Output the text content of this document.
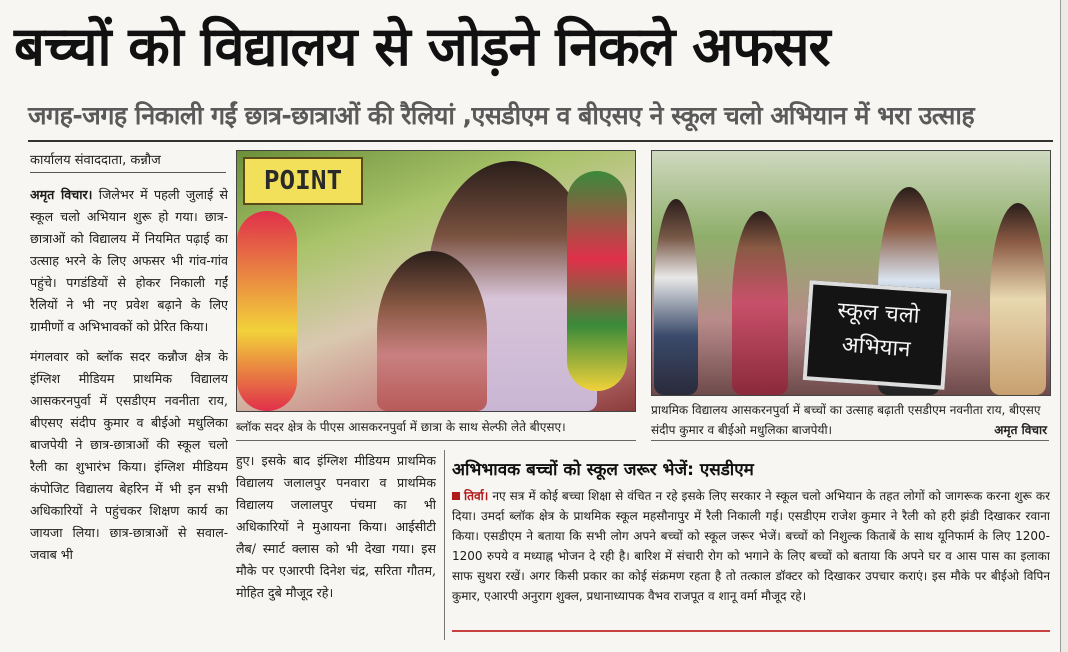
बच्चों को विद्यालय से जोड़ने निकले अफसर
जगह-जगह निकाली गईं छात्र-छात्राओं की रैलियां ,एसडीएम व बीएसए ने स्कूल चलो अभियान में भरा उत्साह
कार्यालय संवाददाता, कन्नौज

अमृत विचार। जिलेभर में पहली जुलाई से स्कूल चलो अभियान शुरू हो गया। छात्र-छात्राओं को विद्यालय में नियमित पढ़ाई का उत्साह भरने के लिए अफसर भी गांव-गांव पहुंचे। पगडंडियों से होकर निकाली गईं रैलियों ने भी नए प्रवेश बढ़ाने के लिए ग्रामीणों व अभिभावकों को प्रेरित किया।

मंगलवार को ब्लॉक सदर कन्नौज क्षेत्र के इंग्लिश मीडियम प्राथमिक विद्यालय आसकरनपुर्वा में एसडीएम नवनीता राय, बीएसए संदीप कुमार व बीईओ मधुलिका बाजपेयी ने छात्र-छात्राओं की स्कूल चलो रैली का शुभारंभ किया। इंग्लिश मीडियम कंपोजिट विद्यालय बेहरिन में भी इन सभी अधिकारियों ने पहुंचकर शिक्षण कार्य का जायजा लिया। छात्र-छात्राओं से सवाल-जवाब भी

POINT
ब्लॉक सदर क्षेत्र के पीएस आसकरनपुर्वा में छात्रा के साथ सेल्फी लेते बीएसए।
स्कूल चलो
अभियान
प्राथमिक विद्यालय आसकरनपुर्वा में बच्चों का उत्साह बढ़ाती एसडीएम नवनीता राय, बीएसए संदीप कुमार व बीईओ मधुलिका बाजपेयी।	अमृत विचार
हुए। इसके बाद इंग्लिश मीडियम प्राथमिक विद्यालय जलालपुर पनवारा व प्राथमिक विद्यालय जलालपुर पंचमा का भी अधिकारियों ने मुआयना किया। आईसीटी लैब/ स्मार्ट क्लास को भी देखा गया। इस मौके पर एआरपी दिनेश चंद्र, सरिता गौतम, मोहित दुबे मौजूद रहे।
अभिभावक बच्चों को स्कूल जरूर भेजें: एसडीएम
तिर्वा। नए सत्र में कोई बच्चा शिक्षा से वंचित न रहे इसके लिए सरकार ने स्कूल चलो अभियान के तहत लोगों को जागरूक करना शुरू कर दिया। उमर्दा ब्लॉक क्षेत्र के प्राथमिक स्कूल महसौनापुर में रैली निकाली गई। एसडीएम राजेश कुमार ने रैली को हरी झंडी दिखाकर रवाना किया। एसडीएम ने बताया कि सभी लोग अपने बच्चों को स्कूल जरूर भेजें। बच्चों को निशुल्क किताबें के साथ यूनिफार्म के लिए 1200-1200 रुपये व मध्याह्न भोजन दे रही है। बारिश में संचारी रोग को भगाने के लिए बच्चों को बताया कि अपने घर व आस पास का इलाका साफ सुथरा रखें। अगर किसी प्रकार का कोई संक्रमण रहता है तो तत्काल डॉक्टर को दिखाकर उपचार कराएं। इस मौके पर बीईओ विपिन कुमार, एआरपी अनुराग शुक्ल, प्रधानाध्यापक वैभव राजपूत व शानू वर्मा मौजूद रहे।
